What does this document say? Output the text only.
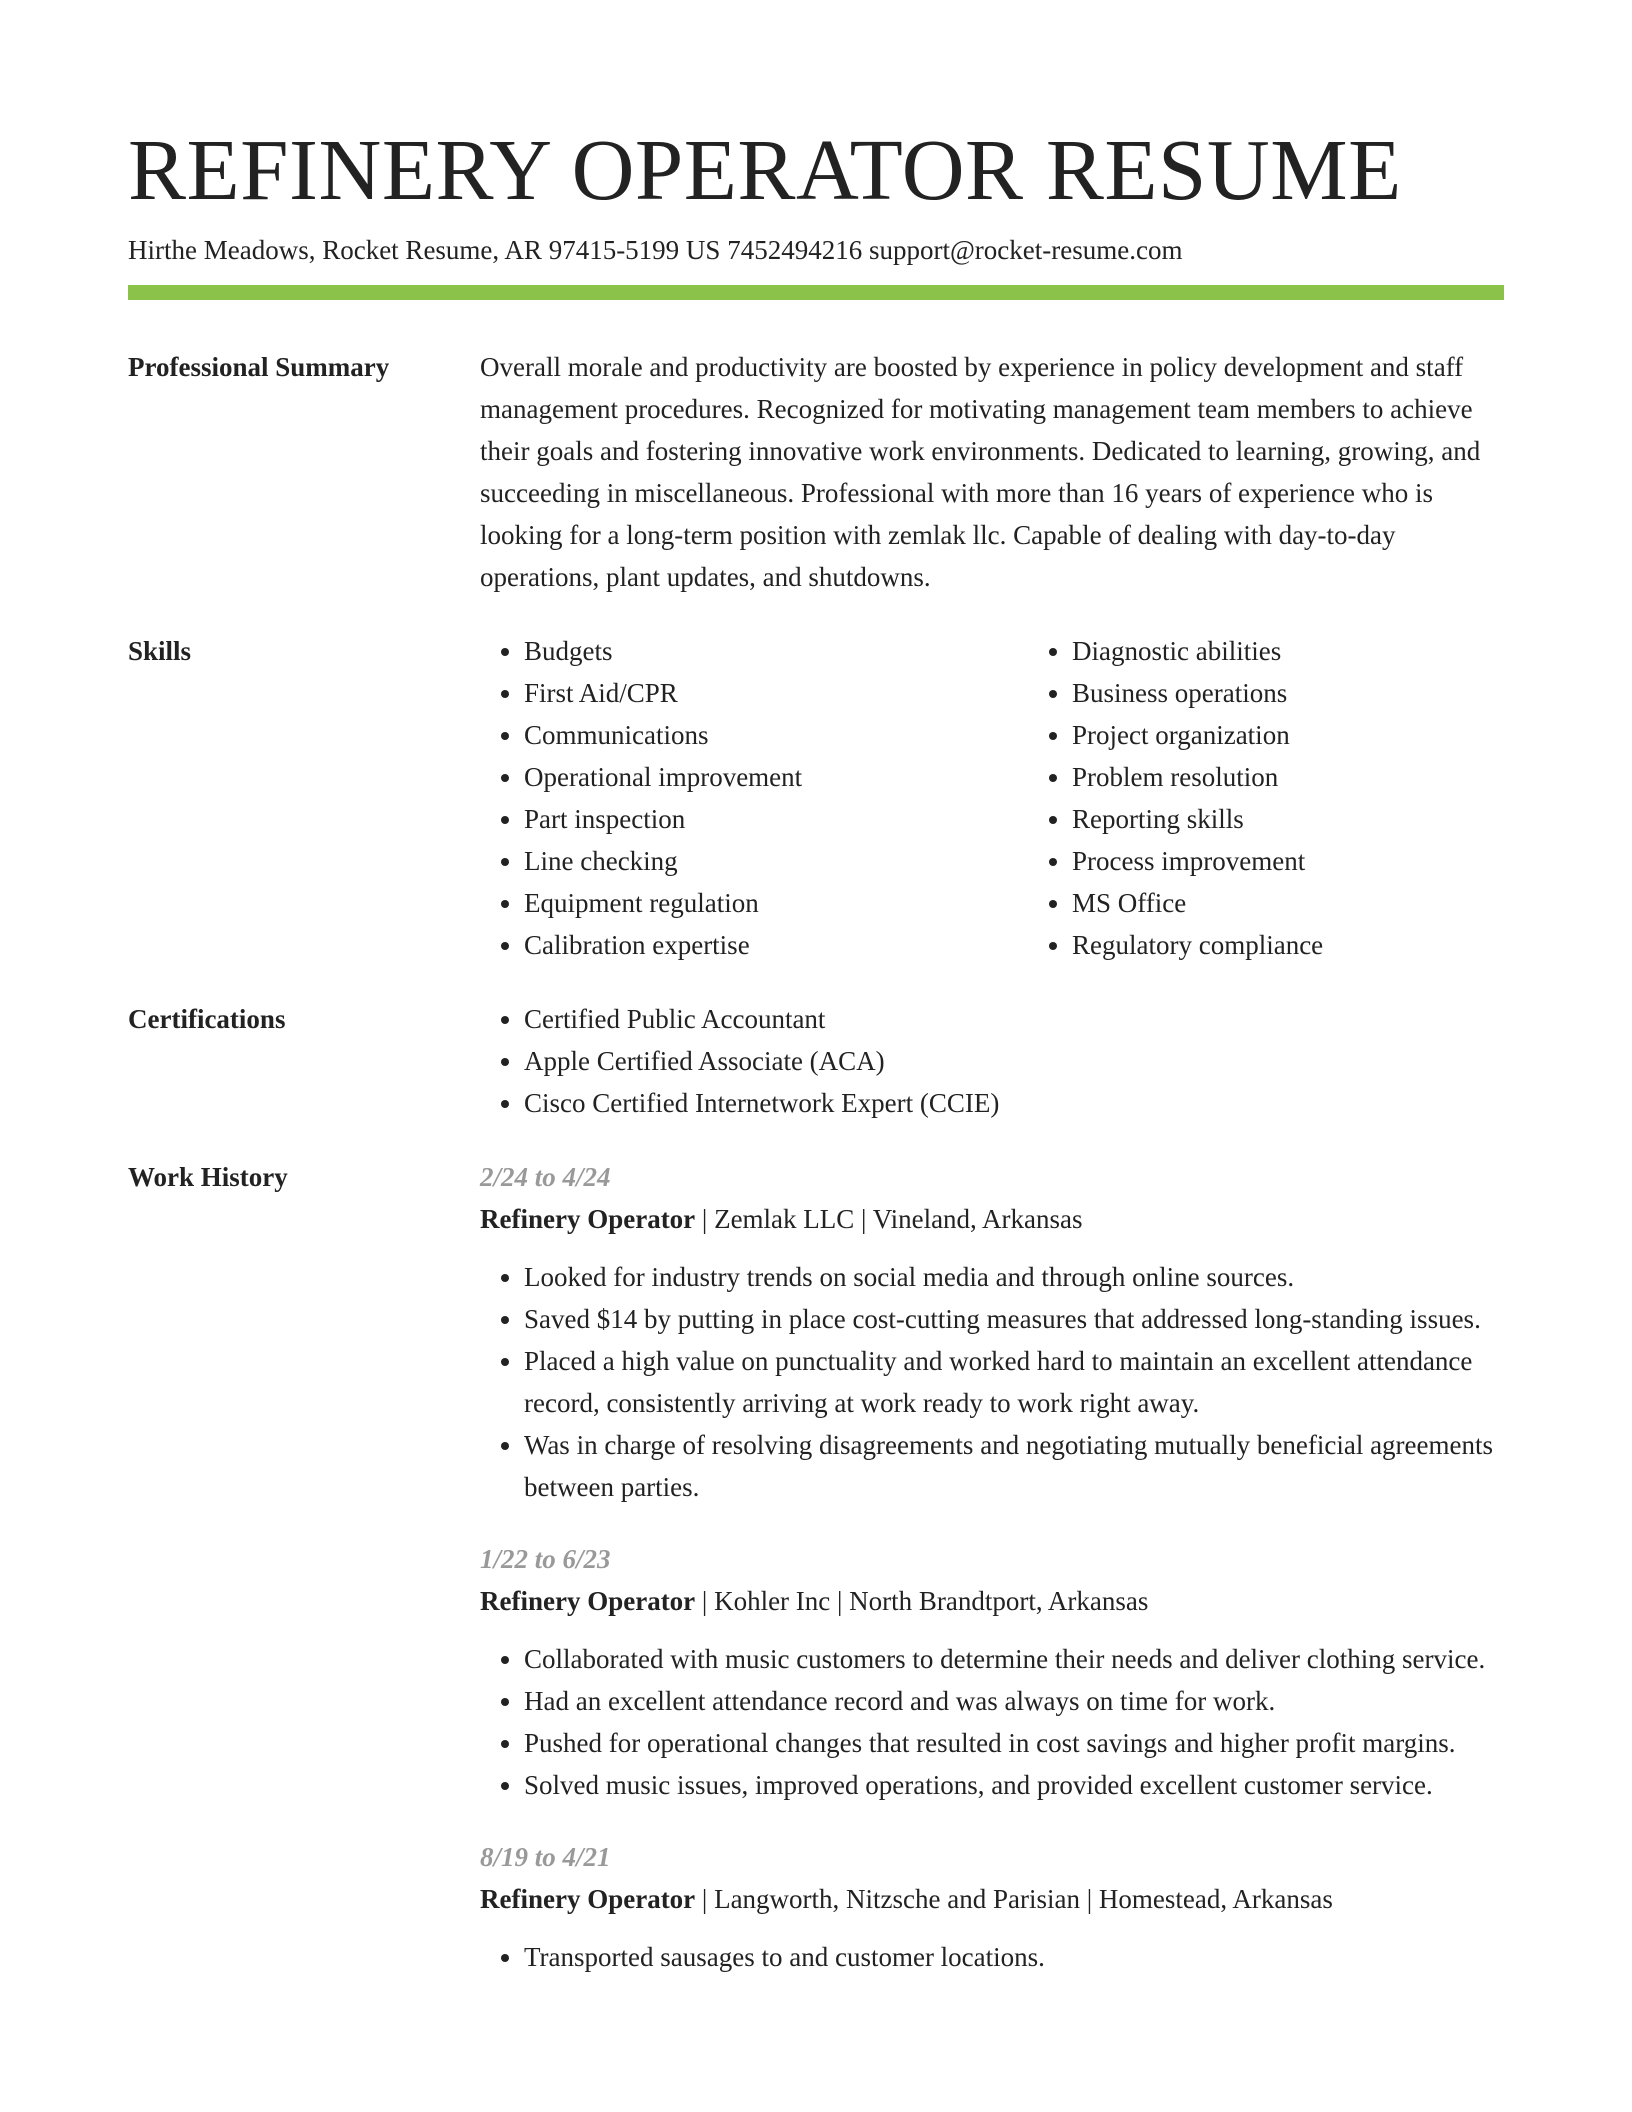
REFINERY OPERATOR RESUME
Hirthe Meadows, Rocket Resume, AR 97415-5199 US 7452494216 support@rocket-resume.com
Professional Summary	Overall morale and productivity are boosted by experience in policy development and staff management procedures. Recognized for motivating management team members to achieve their goals and fostering innovative work environments. Dedicated to learning, growing, and succeeding in miscellaneous. Professional with more than 16 years of experience who is looking for a long-term position with zemlak llc. Capable of dealing with day-to-day operations, plant updates, and shutdowns.
Skills	• Budgets
• First Aid/CPR
• Communications
• Operational improvement
• Part inspection
• Line checking
• Equipment regulation
• Calibration expertise
• Diagnostic abilities
• Business operations
• Project organization
• Problem resolution
• Reporting skills
• Process improvement
• MS Office
• Regulatory compliance
Certifications	• Certified Public Accountant
• Apple Certified Associate (ACA)
• Cisco Certified Internetwork Expert (CCIE)
Work History	2/24 to 4/24
Refinery Operator | Zemlak LLC | Vineland, Arkansas
• Looked for industry trends on social media and through online sources.
• Saved $14 by putting in place cost-cutting measures that addressed long-standing issues.
• Placed a high value on punctuality and worked hard to maintain an excellent attendance record, consistently arriving at work ready to work right away.
• Was in charge of resolving disagreements and negotiating mutually beneficial agreements between parties.
1/22 to 6/23
Refinery Operator | Kohler Inc | North Brandtport, Arkansas
• Collaborated with music customers to determine their needs and deliver clothing service.
• Had an excellent attendance record and was always on time for work.
• Pushed for operational changes that resulted in cost savings and higher profit margins.
• Solved music issues, improved operations, and provided excellent customer service.
8/19 to 4/21
Refinery Operator | Langworth, Nitzsche and Parisian | Homestead, Arkansas
• Transported sausages to and customer locations.
